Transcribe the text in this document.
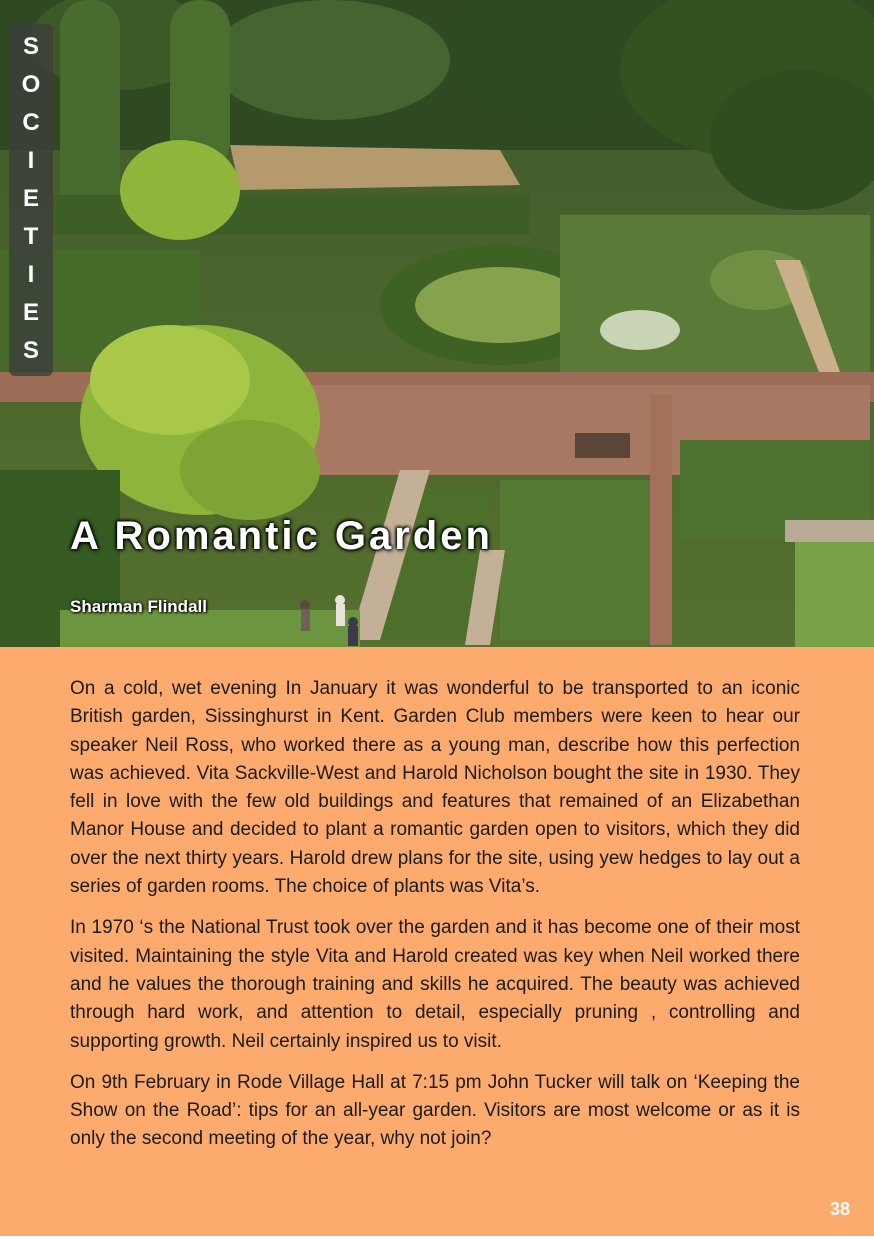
S
O
C
I
E
T
I
E
S
A Romantic Garden
Sharman Flindall

On a cold, wet evening In January it was wonderful to be transported to an iconic British garden, Sissinghurst in Kent. Garden Club members were keen to hear our speaker Neil Ross, who worked there as a young man, describe how this perfection was achieved. Vita Sackville-West and Harold Nicholson bought the site in 1930. They fell in love with the few old buildings and features that remained of an Elizabethan Manor House and decided to plant a romantic garden open to visitors, which they did over the next thirty years. Harold drew plans for the site, using yew hedges to lay out a series of garden rooms. The choice of plants was Vita’s.

In 1970 ‘s the National Trust took over the garden and it has become one of their most visited. Maintaining the style Vita and Harold created was key when Neil worked there and he values the thorough training and skills he acquired. The beauty was achieved through hard work, and attention to detail, especially pruning , controlling and supporting growth. Neil certainly inspired us to visit.

On 9th February in Rode Village Hall at 7:15 pm John Tucker will talk on ‘Keeping the Show on the Road’: tips for an all-year garden. Visitors are most welcome or as it is only the second meeting of the year, why not join?

38
